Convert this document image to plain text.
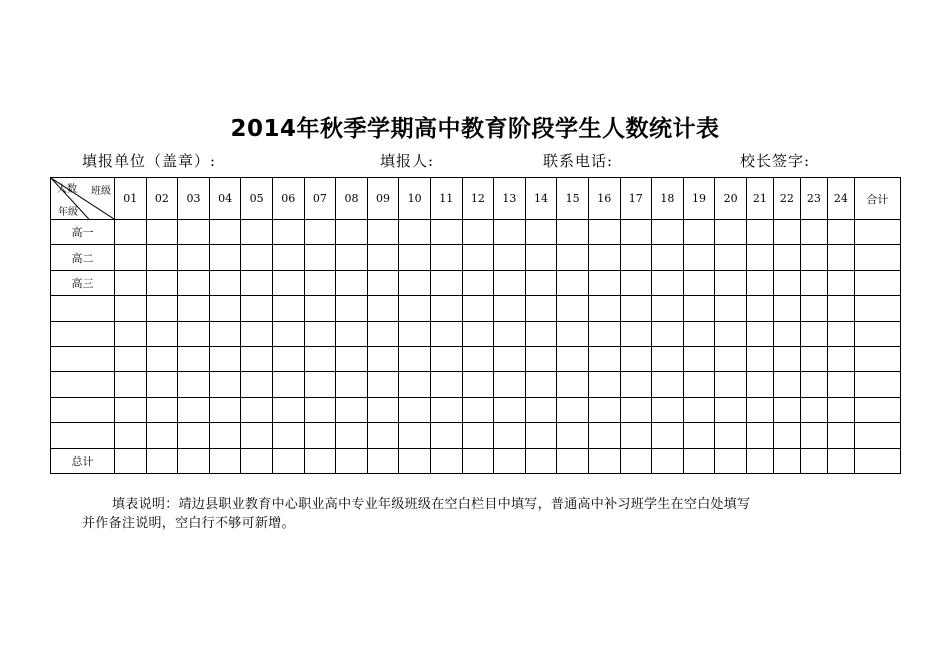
2014年秋季学期高中教育阶段学生人数统计表
填报单位（盖章）:	填报人:	联系电话:	校长签字:
人数 班级
年级	01	02	03	04	05	06	07	08	09	10	11	12	13	14	15	16	17	18	19	20	21	22	23	24	合计
高一																									
高二																									
高三																									

总计																									
填表说明：靖边县职业教育中心职业高中专业年级班级在空白栏目中填写，普通高中补习班学生在空白处填写
并作备注说明，空白行不够可新增。
